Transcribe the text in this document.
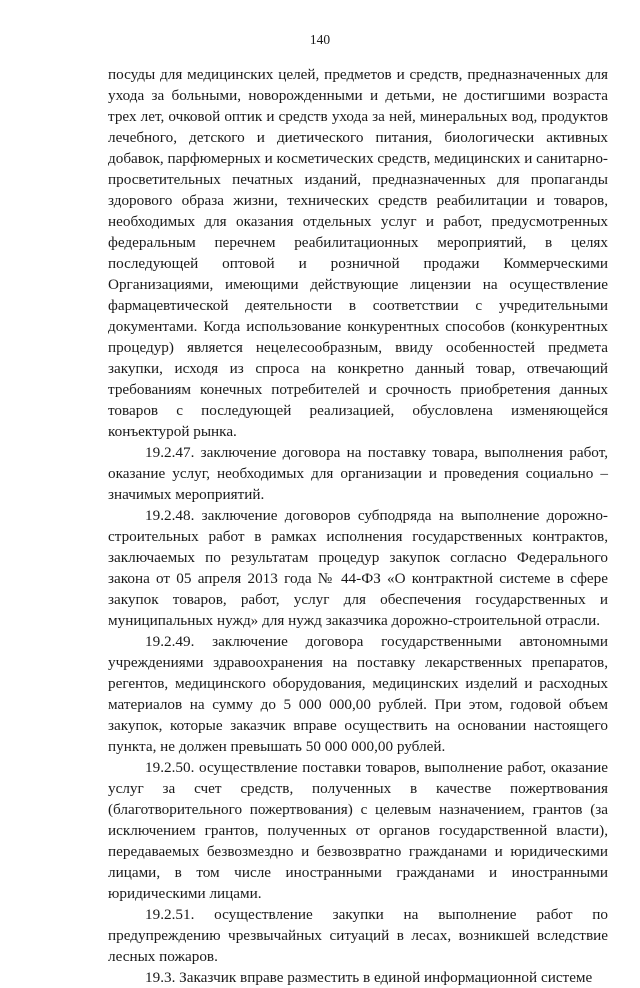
140

посуды для медицинских целей, предметов и средств, предназначенных для ухода за больными, новорожденными и детьми, не достигшими возраста трех лет, очковой оптик и средств ухода за ней, минеральных вод, продуктов лечебного, детского и диетического питания, биологически активных добавок, парфюмерных и косметических средств, медицинских и санитарно-просветительных печатных изданий, предназначенных для пропаганды здорового образа жизни, технических средств реабилитации и товаров, необходимых для оказания отдельных услуг и работ, предусмотренных федеральным перечнем реабилитационных мероприятий, в целях последующей оптовой и розничной продажи Коммерческими Организациями, имеющими действующие лицензии на осуществление фармацевтической деятельности в соответствии с учредительными документами. Когда использование конкурентных способов (конкурентных процедур) является нецелесообразным, ввиду особенностей предмета закупки, исходя из спроса на конкретно данный товар, отвечающий требованиям конечных потребителей и срочность приобретения данных товаров с последующей реализацией, обусловлена изменяющейся конъектурой рынка.

19.2.47. заключение договора на поставку товара, выполнения работ, оказание услуг, необходимых для организации и проведения социально – значимых мероприятий.

19.2.48. заключение договоров субподряда на выполнение дорожно-строительных работ в рамках исполнения государственных контрактов, заключаемых по результатам процедур закупок согласно Федерального закона от 05 апреля 2013 года № 44-ФЗ «О контрактной системе в сфере закупок товаров, работ, услуг для обеспечения государственных и муниципальных нужд» для нужд заказчика дорожно-строительной отрасли.

19.2.49. заключение договора государственными автономными учреждениями здравоохранения на поставку лекарственных препаратов, регентов, медицинского оборудования, медицинских изделий и расходных материалов на сумму до 5 000 000,00 рублей. При этом, годовой объем закупок, которые заказчик вправе осуществить на основании настоящего пункта, не должен превышать 50 000 000,00 рублей.

19.2.50. осуществление поставки товаров, выполнение работ, оказание услуг за счет средств, полученных в качестве пожертвования (благотворительного пожертвования) с целевым назначением, грантов (за исключением грантов, полученных от органов государственной власти), передаваемых безвозмездно и безвозвратно гражданами и юридическими лицами, в том числе иностранными гражданами и иностранными юридическими лицами.

19.2.51. осуществление закупки на выполнение работ по предупреждению чрезвычайных ситуаций в лесах, возникшей вследствие лесных пожаров.

19.3. Заказчик вправе разместить в единой информационной системе
